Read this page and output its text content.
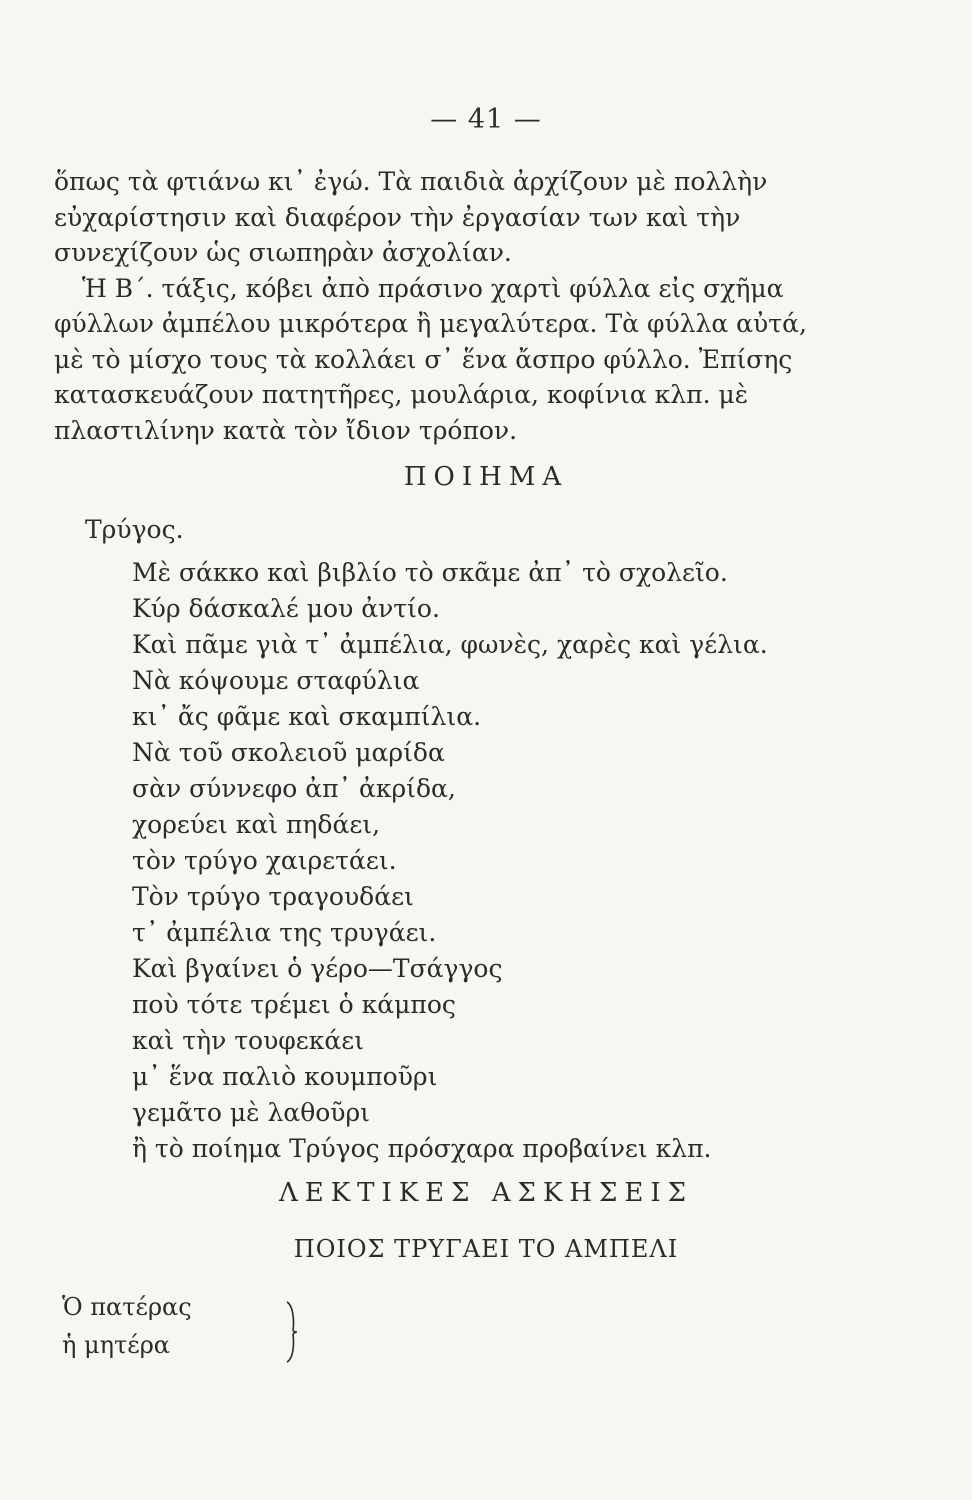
— 41 —

ὅπως τὰ φτιάνω κι᾽ ἐγώ. Τὰ παιδιὰ ἀρχίζουν μὲ πολλὴν εὐχαρίστησιν καὶ διαφέρον τὴν ἐργασίαν των καὶ τὴν συνεχίζουν ὡς σιωπηρὰν ἀσχολίαν.

Ἡ Β΄. τάξις, κόβει ἀπὸ πράσινο χαρτὶ φύλλα εἰς σχῆμα φύλλων ἀμπέλου μικρότερα ἢ μεγαλύτερα. Τὰ φύλλα αὐτά, μὲ τὸ μίσχο τους τὰ κολλάει σ᾽ ἕνα ἄσπρο φύλλο. Ἐπίσης κατασκευάζουν πατητῆρες, μουλάρια, κοφίνια κλπ. μὲ πλαστιλίνην κατὰ τὸν ἴδιον τρόπον.

ΠΟΙΗΜΑ
Τρύγος.
Μὲ σάκκο καὶ βιβλίο τὸ σκᾶμε ἀπ᾽ τὸ σχολεῖο.
Κύρ δάσκαλέ μου ἀντίο.
Καὶ πᾶμε γιὰ τ᾽ ἀμπέλια, φωνὲς, χαρὲς καὶ γέλια.
Νὰ κόψουμε σταφύλια
κι᾽ ἄς φᾶμε καὶ σκαμπίλια.
Νὰ τοῦ σκολειοῦ μαρίδα
σὰν σύννεφο ἀπ᾽ ἀκρίδα,
χορεύει καὶ πηδάει,
τὸν τρύγο χαιρετάει.
Τὸν τρύγο τραγουδάει
τ᾽ ἀμπέλια της τρυγάει.
Καὶ βγαίνει ὁ γέρο—Τσάγγος
ποὺ τότε τρέμει ὁ κάμπος
καὶ τὴν τουφεκάει
μ᾽ ἕνα παλιὸ κουμποῦρι
γεμᾶτο μὲ λαθοῦρι
ἢ τὸ ποίημα Τρύγος πρόσχαρα προβαίνει κλπ.
ΛΕΚΤΙΚΕΣ ΑΣΚΗΣΕΙΣ
ΠΟΙΟΣ ΤΡΥΓΑΕΙ ΤΟ ΑΜΠΕΛΙ
Ὁ πατέρας
ἡ μητέρα
